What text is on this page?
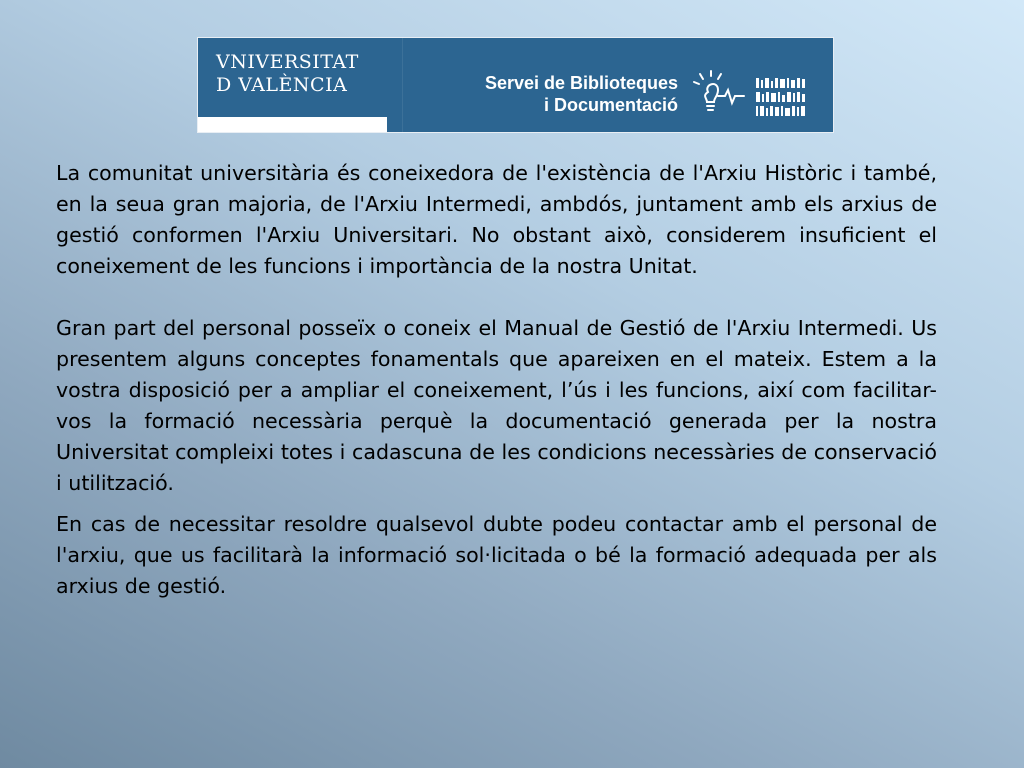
VNIVERSITAT
D VALÈNCIA	Servei de Biblioteques
i Documentació

La comunitat universitària és coneixedora de l'existència de l'Arxiu Històric i també, en la seua gran majoria, de l'Arxiu Intermedi, ambdós, juntament amb els arxius de gestió conformen l'Arxiu Universitari. No obstant això, considerem insuficient el coneixement de les funcions i importància de la nostra Unitat.

Gran part del personal posseïx o coneix el Manual de Gestió de l'Arxiu Intermedi. Us presentem alguns conceptes fonamentals que apareixen en el mateix. Estem a la vostra disposició per a ampliar el coneixement, l’ús i les funcions, així com facilitar-vos la formació necessària perquè la documentació generada per la nostra Universitat compleixi totes i cadascuna de les condicions necessàries de conservació i utilització.

En cas de necessitar resoldre qualsevol dubte podeu contactar amb el personal de l'arxiu, que us facilitarà la informació sol·licitada o bé la formació adequada per als arxius de gestió.
